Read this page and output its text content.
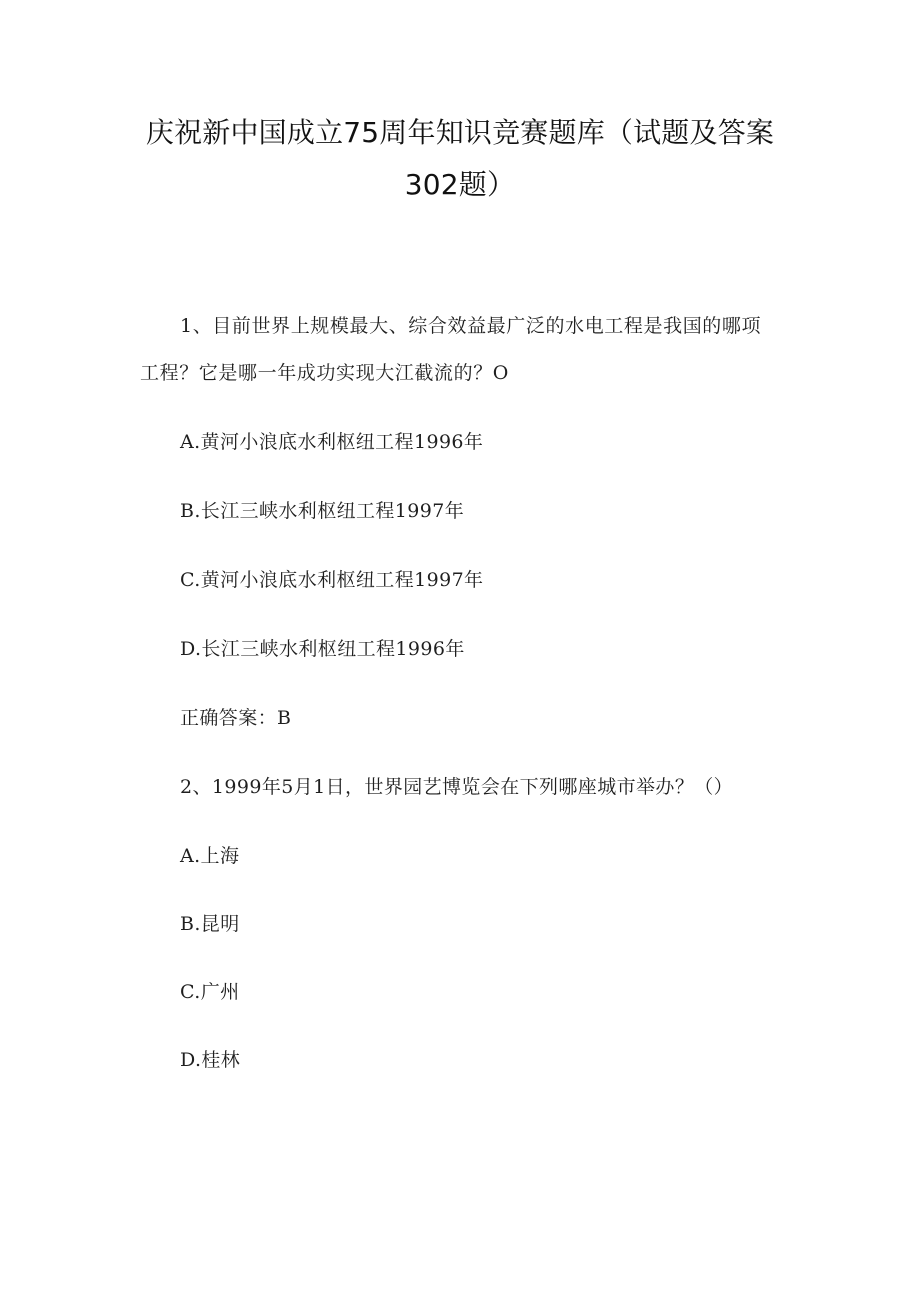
庆祝新中国成立75周年知识竞赛题库（试题及答案
302题）
1、目前世界上规模最大、综合效益最广泛的水电工程是我国的哪项
工程？它是哪一年成功实现大江截流的？O
A.黄河小浪底水利枢纽工程1996年
B.长江三峡水利枢纽工程1997年
C.黄河小浪底水利枢纽工程1997年
D.长江三峡水利枢纽工程1996年
正确答案：B
2、1999年5月1日，世界园艺博览会在下列哪座城市举办？（）
A.上海
B.昆明
C.广州
D.桂林
